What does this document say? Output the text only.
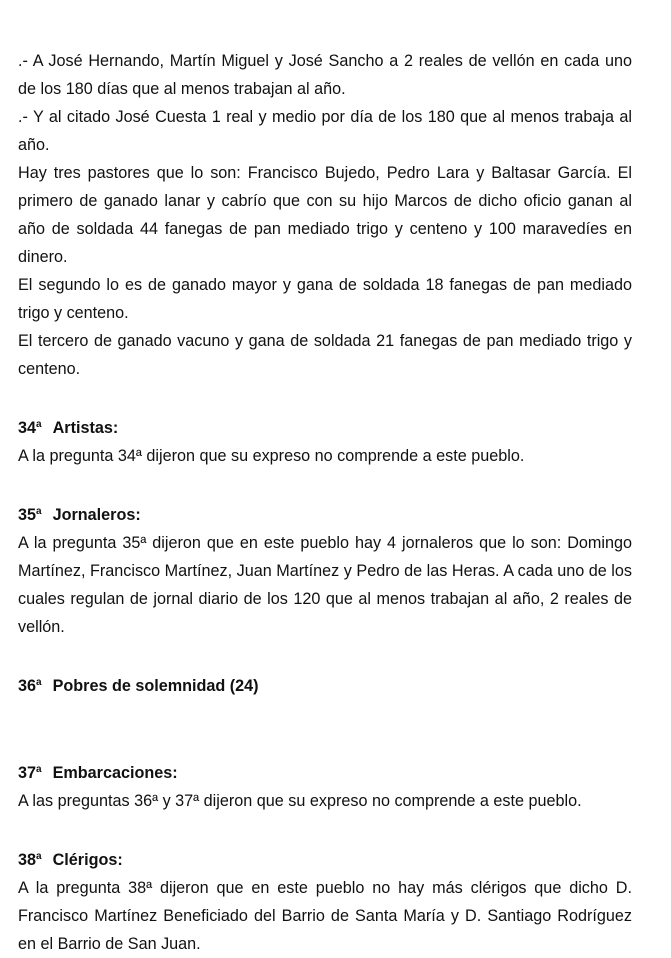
.- A José Hernando, Martín Miguel y José Sancho a 2 reales de vellón en cada uno de los 180 días que al menos trabajan al año.

.- Y al citado José Cuesta 1 real y medio por día de los 180 que al menos trabaja al año.

Hay tres pastores que lo son: Francisco Bujedo, Pedro Lara y Baltasar García. El primero de ganado lanar y cabrío que con su hijo Marcos de dicho oficio ganan al año de soldada 44 fanegas de pan mediado trigo y centeno y 100 maravedíes en dinero.

El segundo lo es de ganado mayor y gana de soldada 18 fanegas de pan mediado trigo y centeno.

El tercero de ganado vacuno y gana de soldada 21 fanegas de pan mediado trigo y centeno.

34$^a$ Artistas:

A la pregunta 34ª dijeron que su expreso no comprende a este pueblo.

35$^a$ Jornaleros:

A la pregunta 35ª dijeron que en este pueblo hay 4 jornaleros que lo son: Domingo Martínez, Francisco Martínez, Juan Martínez y Pedro de las Heras. A cada uno de los cuales regulan de jornal diario de los 120 que al menos trabajan al año, 2 reales de vellón.

36$^a$ Pobres de solemnidad (24)

37$^a$ Embarcaciones:

A las preguntas 36ª y 37ª dijeron que su expreso no comprende a este pueblo.

38$^a$ Clérigos:

A la pregunta 38ª dijeron que en este pueblo no hay más clérigos que dicho D. Francisco Martínez Beneficiado del Barrio de Santa María y D. Santiago Rodríguez en el Barrio de San Juan.
